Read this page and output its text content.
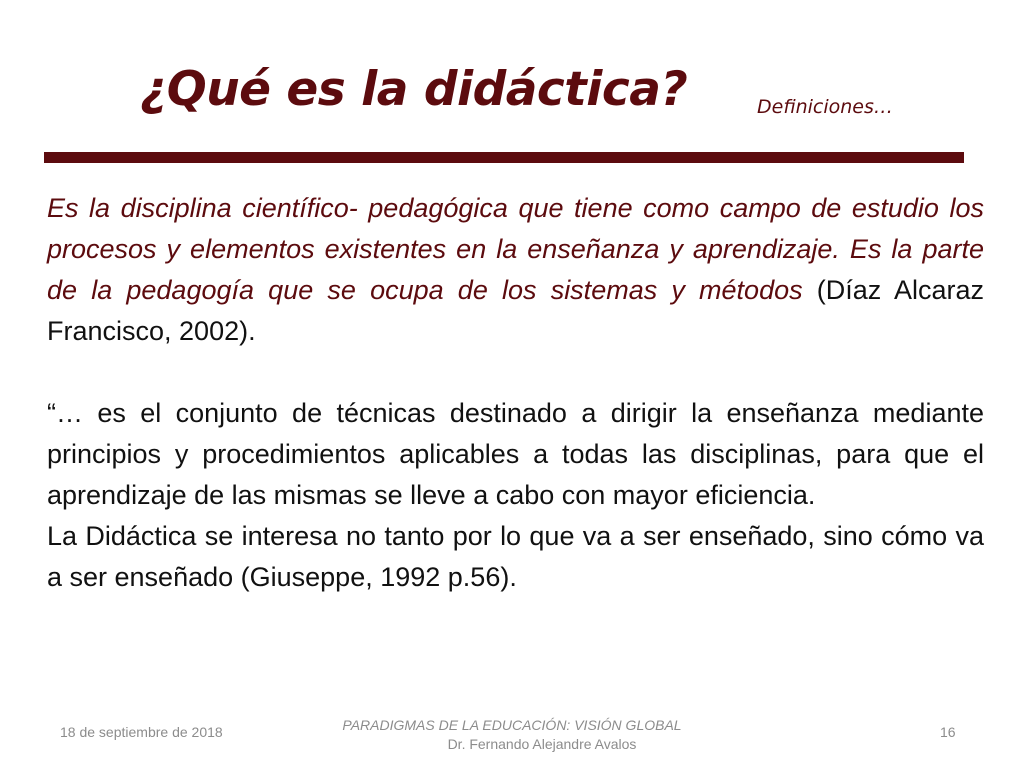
¿Qué es la didáctica?	Definiciones…

Es la disciplina científico- pedagógica que tiene como campo de estudio los procesos y elementos existentes en la enseñanza y aprendizaje. Es la parte de la pedagogía que se ocupa de los sistemas y métodos (Díaz Alcaraz Francisco, 2002).

“… es el conjunto de técnicas destinado a dirigir la enseñanza mediante principios y procedimientos aplicables a todas las disciplinas, para que el aprendizaje de las mismas se lleve a cabo con mayor eficiencia.

La Didáctica se interesa no tanto por lo que va a ser enseñado, sino cómo va a ser enseñado (Giuseppe, 1992 p.56).

18 de septiembre de 2018	PARADIGMAS DE LA EDUCACIÓN: VISIÓN GLOBAL
Dr. Fernando Alejandre Avalos
16
